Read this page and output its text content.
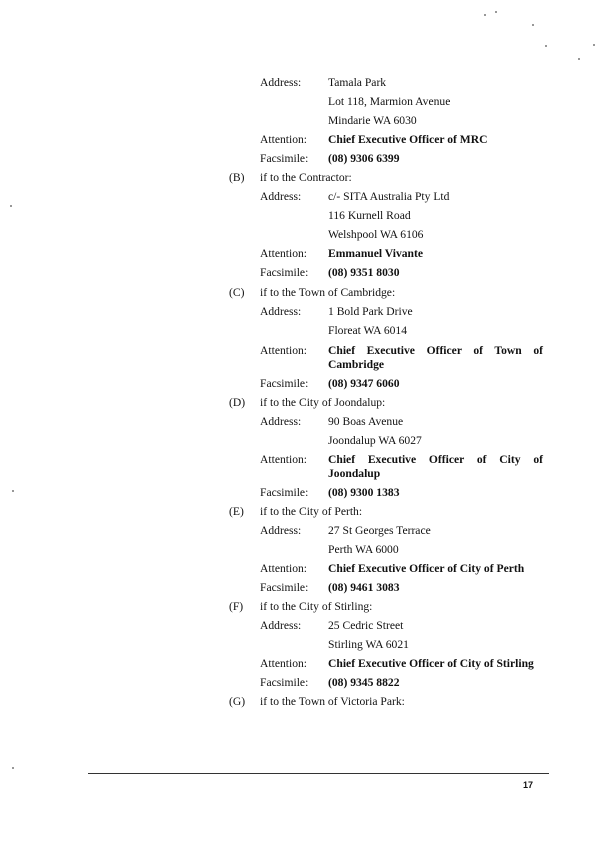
Address: Tamala Park
Lot 118, Marmion Avenue
Mindarie WA 6030
Attention: Chief Executive Officer of MRC
Facsimile: (08) 9306 6399
(B) if to the Contractor:
Address: c/- SITA Australia Pty Ltd
116 Kurnell Road
Welshpool WA 6106
Attention: Emmanuel Vivante
Facsimile: (08) 9351 8030
(C) if to the Town of Cambridge:
Address: 1 Bold Park Drive
Floreat WA 6014
Attention: Chief Executive Officer of Town of
Cambridge
Facsimile: (08) 9347 6060
(D) if to the City of Joondalup:
Address: 90 Boas Avenue
Joondalup WA 6027
Attention: Chief Executive Officer of City of
Joondalup
Facsimile: (08) 9300 1383
(E) if to the City of Perth:
Address: 27 St Georges Terrace
Perth WA 6000
Attention: Chief Executive Officer of City of Perth
Facsimile: (08) 9461 3083
(F) if to the City of Stirling:
Address: 25 Cedric Street
Stirling WA 6021
Attention: Chief Executive Officer of City of Stirling
Facsimile: (08) 9345 8822
(G) if to the Town of Victoria Park:
17
